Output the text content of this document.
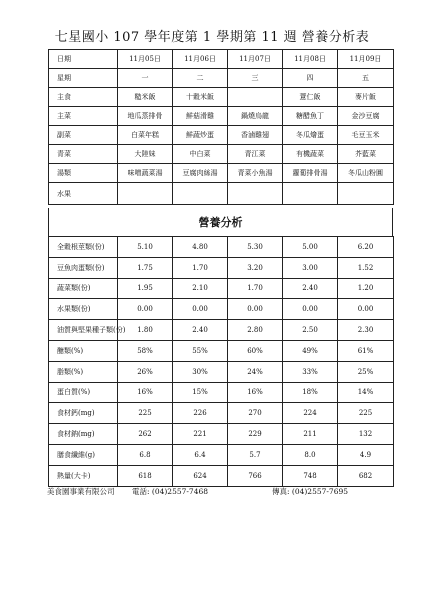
七星國小 107 學年度第 1 學期第 11 週 營養分析表
日期	11月05日	11月06日	11月07日	11月08日	11月09日
星期	一	二	三	四	五
主食	糙米飯	十穀米飯		薏仁飯	麥片飯
主菜	地瓜蒸排骨	鮮菇滑雞	鍋燒烏龍	糖醋魚丁	金沙豆腐
副菜	白菜年糕	鮮蔬炒蛋	香滷雞翅	冬瓜燴蛋	毛豆玉米
青菜	大陸妹	中白菜	青江菜	有機蔬菜	芥藍菜
湯類	味噌蔬菜湯	豆腐肉絲湯	青菜小魚湯	蘿蔔排骨湯	冬瓜山粉圓
水果					
營養分析
全穀根莖類(份)	5.10	4.80	5.30	5.00	6.20
豆魚肉蛋類(份)	1.75	1.70	3.20	3.00	1.52
蔬菜類(份)	1.95	2.10	1.70	2.40	1.20
水果類(份)	0.00	0.00	0.00	0.00	0.00
油質與堅果種子類(份)	1.80	2.40	2.80	2.50	2.30
醣類(%)	58%	55%	60%	49%	61%
脂類(%)	26%	30%	24%	33%	25%
蛋白質(%)	16%	15%	16%	18%	14%
食材鈣(mg)	225	226	270	224	225
食材鈉(mg)	262	221	229	211	132
膳食纖維(g)	6.8	6.4	5.7	8.0	4.9
熱量(大卡)	618	624	766	748	682
美食園事業有限公司 電話: (04)2557-7468	傳真: (04)2557-7695
